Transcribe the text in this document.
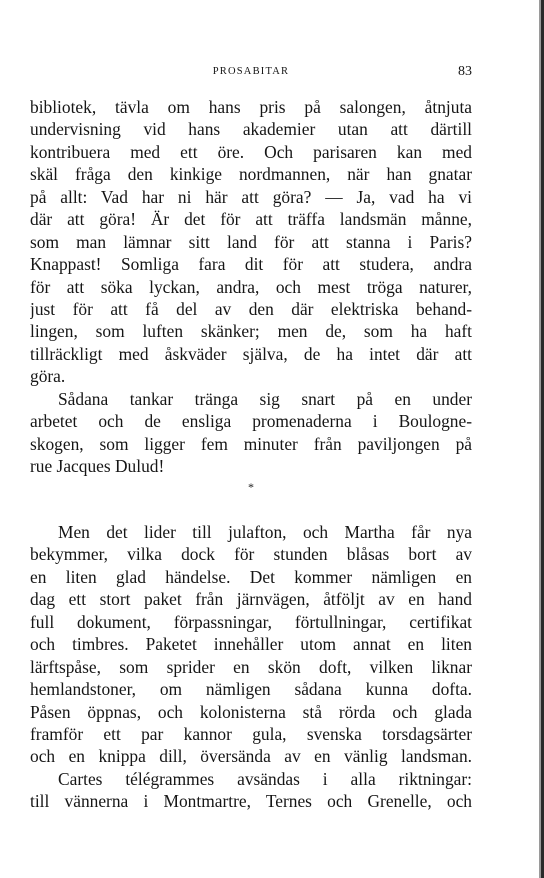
PROSABITAR	83
bibliotek, tävla om hans pris på salongen, åtnjuta
undervisning vid hans akademier utan att därtill
kontribuera med ett öre. Och parisaren kan med
skäl fråga den kinkige nordmannen, när han gnatar
på allt: Vad har ni här att göra? — Ja, vad ha vi
där att göra! Är det för att träffa landsmän månne,
som man lämnar sitt land för att stanna i Paris?
Knappast! Somliga fara dit för att studera, andra
för att söka lyckan, andra, och mest tröga naturer,
just för att få del av den där elektriska behand-
lingen, som luften skänker; men de, som ha haft
tillräckligt med åskväder själva, de ha intet där att
göra.
Sådana tankar tränga sig snart på en under
arbetet och de ensliga promenaderna i Boulogne-
skogen, som ligger fem minuter från paviljongen på
rue Jacques Dulud!
*
Men det lider till julafton, och Martha får nya
bekymmer, vilka dock för stunden blåsas bort av
en liten glad händelse. Det kommer nämligen en
dag ett stort paket från järnvägen, åtföljt av en hand
full dokument, förpassningar, förtullningar, certifikat
och timbres. Paketet innehåller utom annat en liten
lärftspåse, som sprider en skön doft, vilken liknar
hemlandstoner, om nämligen sådana kunna dofta.
Påsen öppnas, och kolonisterna stå rörda och glada
framför ett par kannor gula, svenska torsdagsärter
och en knippa dill, översända av en vänlig landsman.
Cartes télégrammes avsändas i alla riktningar:
till vännerna i Montmartre, Ternes och Grenelle, och
